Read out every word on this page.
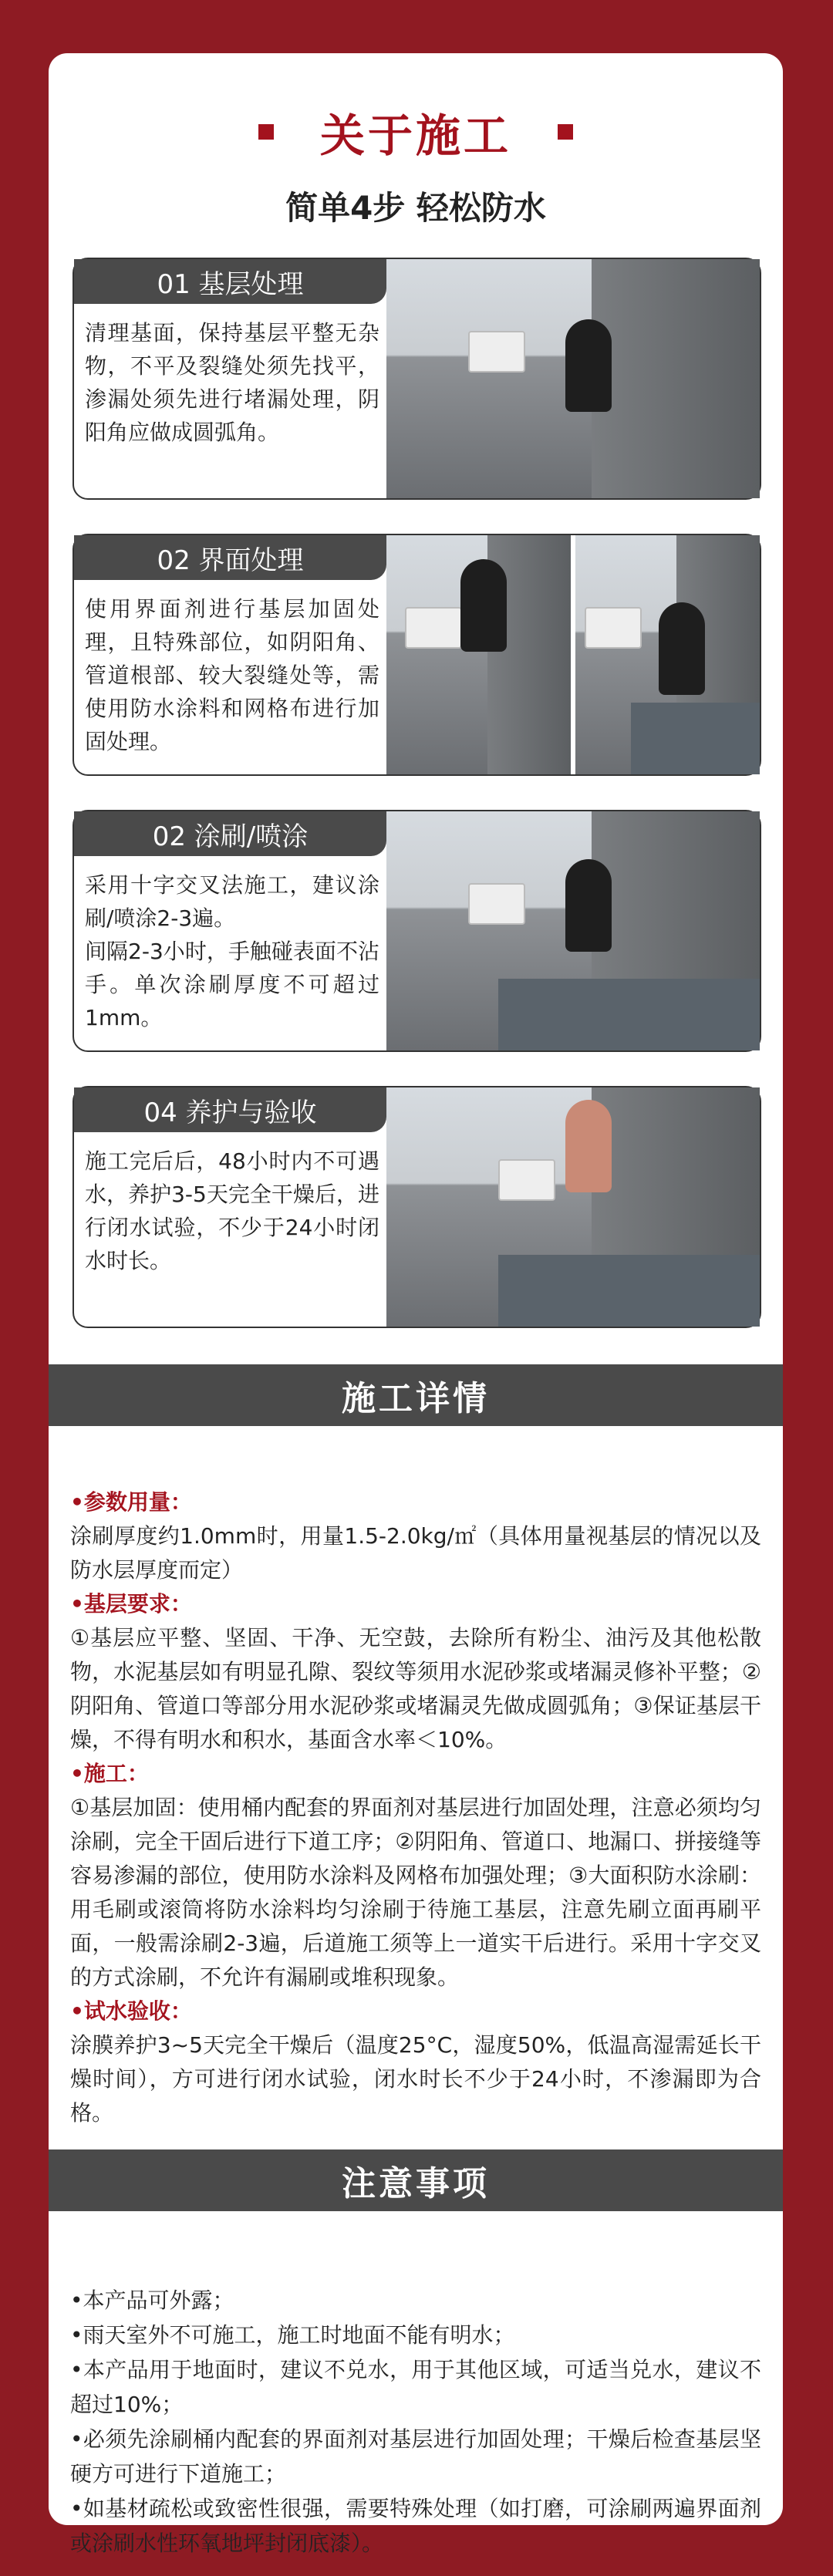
关于施工
简单4步 轻松防水
01 基层处理
清理基面，保持基层平整无杂物，不平及裂缝处须先找平，渗漏处须先进行堵漏处理，阴阳角应做成圆弧角。
02 界面处理
使用界面剂进行基层加固处理，且特殊部位，如阴阳角、管道根部、较大裂缝处等，需使用防水涂料和网格布进行加固处理。
02 涂刷/喷涂
采用十字交叉法施工，建议涂刷/喷涂2-3遍。
间隔2-3小时，手触碰表面不沾手。单次涂刷厚度不可超过1mm。
04 养护与验收
施工完后后，48小时内不可遇水，养护3-5天完全干燥后，进行闭水试验，不少于24小时闭水时长。
施工详情
•参数用量：
涂刷厚度约1.0mm时，用量1.5-2.0kg/㎡（具体用量视基层的情况以及防水层厚度而定）
•基层要求：
①基层应平整、坚固、干净、无空鼓，去除所有粉尘、油污及其他松散物，水泥基层如有明显孔隙、裂纹等须用水泥砂浆或堵漏灵修补平整；②阴阳角、管道口等部分用水泥砂浆或堵漏灵先做成圆弧角；③保证基层干燥，不得有明水和积水，基面含水率＜10%。
•施工：
①基层加固：使用桶内配套的界面剂对基层进行加固处理，注意必须均匀涂刷，完全干固后进行下道工序；②阴阳角、管道口、地漏口、拼接缝等容易渗漏的部位，使用防水涂料及网格布加强处理；③大面积防水涂刷：用毛刷或滚筒将防水涂料均匀涂刷于待施工基层，注意先刷立面再刷平面，一般需涂刷2-3遍，后道施工须等上一道实干后进行。采用十字交叉的方式涂刷，不允许有漏刷或堆积现象。
•试水验收：
涂膜养护3~5天完全干燥后（温度25°C，湿度50%，低温高湿需延长干燥时间），方可进行闭水试验，闭水时长不少于24小时，不渗漏即为合格。
注意事项
•本产品可外露；
•雨天室外不可施工，施工时地面不能有明水；
•本产品用于地面时，建议不兑水，用于其他区域，可适当兑水，建议不超过10%；
•必须先涂刷桶内配套的界面剂对基层进行加固处理；干燥后检查基层坚硬方可进行下道施工；
•如基材疏松或致密性很强，需要特殊处理（如打磨，可涂刷两遍界面剂或涂刷水性环氧地坪封闭底漆）。
